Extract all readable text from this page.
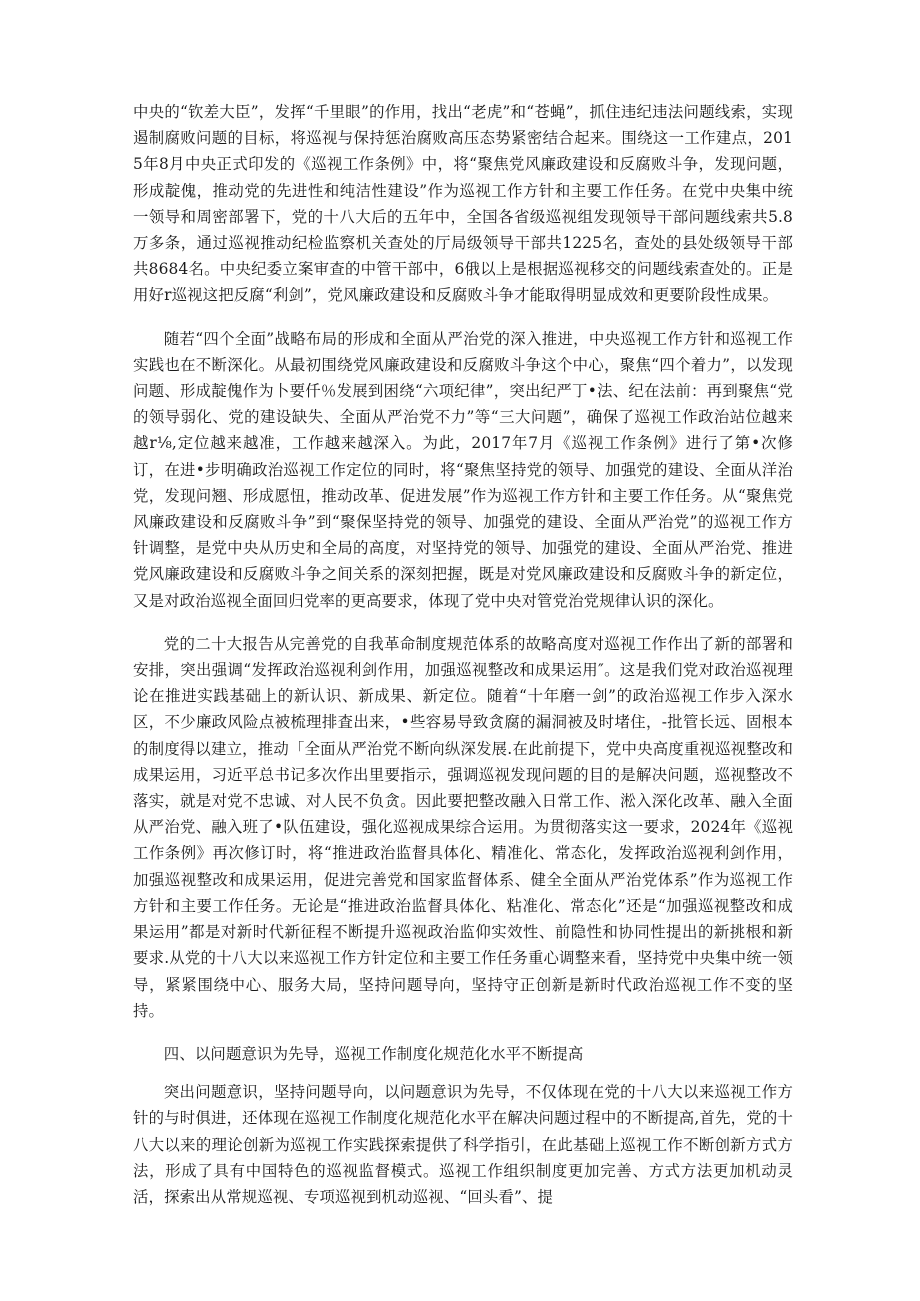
中央的“钦差大臣”，发挥“千里眼”的作用，找出“老虎”和“苍蝇”，抓住违纪违法问题线索，实现遏制腐败问题的目标，将巡视与保持惩治腐败高压态势紧密结合起来。围绕这一工作建点，2015年8月中央正式印发的《巡视工作条例》中，将“聚焦党风廉政建设和反腐败斗争，发现问题，形成靛傀，推动党的先进性和纯洁性建设”作为巡视工作方针和主要工作任务。在党中央集中统一领导和周密部署下，党的十八大后的五年中，全国各省级巡视组发现领导干部问题线索共5.8万多条，通过巡视推动纪检监察机关查处的厅局级领导干部共1225名，查处的县处级领导干部共8684名。中央纪委立案审查的中管干部中，6俄以上是根据巡视移交的问题线索查处的。正是用好r巡视这把反腐“利剑”，党风廉政建设和反腐败斗争才能取得明显成效和更要阶段性成果。

随若“四个全面”战略布局的形成和全面从严治党的深入推进，中央巡视工作方针和巡视工作实践也在不断深化。从最初围绕党风廉政建设和反腐败斗争这个中心，聚焦“四个着力”，以发现问题、形成靛傀作为卜要仟％发展到困绕“六项纪律”，突出纪严丁•法、纪在法前：再到聚焦“党的领导弱化、党的建设缺失、全面从严治党不力”等“三大问题”，确保了巡视工作政治站位越来越r⅛,定位越来越准，工作越来越深入。为此，2017年7月《巡视工作条例》进行了第•次修订，在进•步明确政治巡视工作定位的同时，将“聚焦坚持党的领导、加强党的建设、全面从洋治党，发现问翘、形成愿忸，推动改革、促进发展”作为巡视工作方针和主要工作任务。从“聚焦党风廉政建设和反腐败斗争”到“聚保坚持党的领导、加强党的建设、全面从严治党”的巡视工作方针调整，是党中央从历史和全局的高度，对坚持党的领导、加强党的建设、全面从严治党、推进党风廉政建设和反腐败斗争之间关系的深刻把握，既是对党风廉政建设和反腐败斗争的新定位，又是对政治巡视全面回归党率的更高要求，体现了党中央对管党治党规律认识的深化。

党的二十大报告从完善党的自我革命制度规范体系的故略高度对巡视工作作出了新的部署和安排，突出强调“发挥政治巡视利剑作用，加强巡视整改和成果运用″。这是我们党对政治巡视理论在推进实践基础上的新认识、新成果、新定位。随着“十年磨一剑”的政治巡视工作步入深水区，不少廉政风险点被梳理排査出来，•些容易导致贪腐的漏洞被及时堵住，-批管长远、固根本的制度得以建立，推动「全面从严治党不断向纵深发展.在此前提下，党中央高度重视巡视整改和成果运用，习近平总书记多次作出里要指示，强调巡视发现问题的目的是解决问题，巡视整改不落实，就是对党不忠诚、对人民不负贪。因此要把整改融入日常工作、淞入深化改革、融入全面从严治党、融入班了•队伍建设，强化巡视成果综合运用。为贯彻落实这一要求，2024年《巡视工作条例》再次修订时，将“推进政治监督具体化、精准化、常态化，发挥政治巡视利剑作用，加强巡视整改和成果运用，促进完善党和国家监督体系、健全全面从严治党体系”作为巡视工作方针和主要工作任务。无论是“推进政治监督具体化、粘准化、常态化”还是“加强巡视整改和成果运用”都是对新时代新征程不断提升巡视政治监仰实效性、前隐性和协同性提出的新挑根和新要求.从党的十八大以来巡视工作方针定位和主要工作任务重心调整来看，坚持党中央集中统一领导，紧紧围绕中心、服务大局，坚持问题导向，坚持守正创新是新时代政治巡视工作不变的坚持。

四、以问题意识为先导，巡视工作制度化规范化水平不断提高

突出问题意识，坚持问题导向，以问题意识为先导，不仅体现在党的十八大以来巡视工作方针的与时俱进，还体现在巡视工作制度化规范化水平在解决问题过程中的不断提高,首先，党的十八大以来的理论创新为巡视工作实践探索提供了科学指引，在此基础上巡视工作不断创新方式方法，形成了具有中国特色的巡视监督模式。巡视工作组织制度更加完善、方式方法更加机动灵活，探索出从常规巡视、专项巡视到机动巡视、“回头看”、提
